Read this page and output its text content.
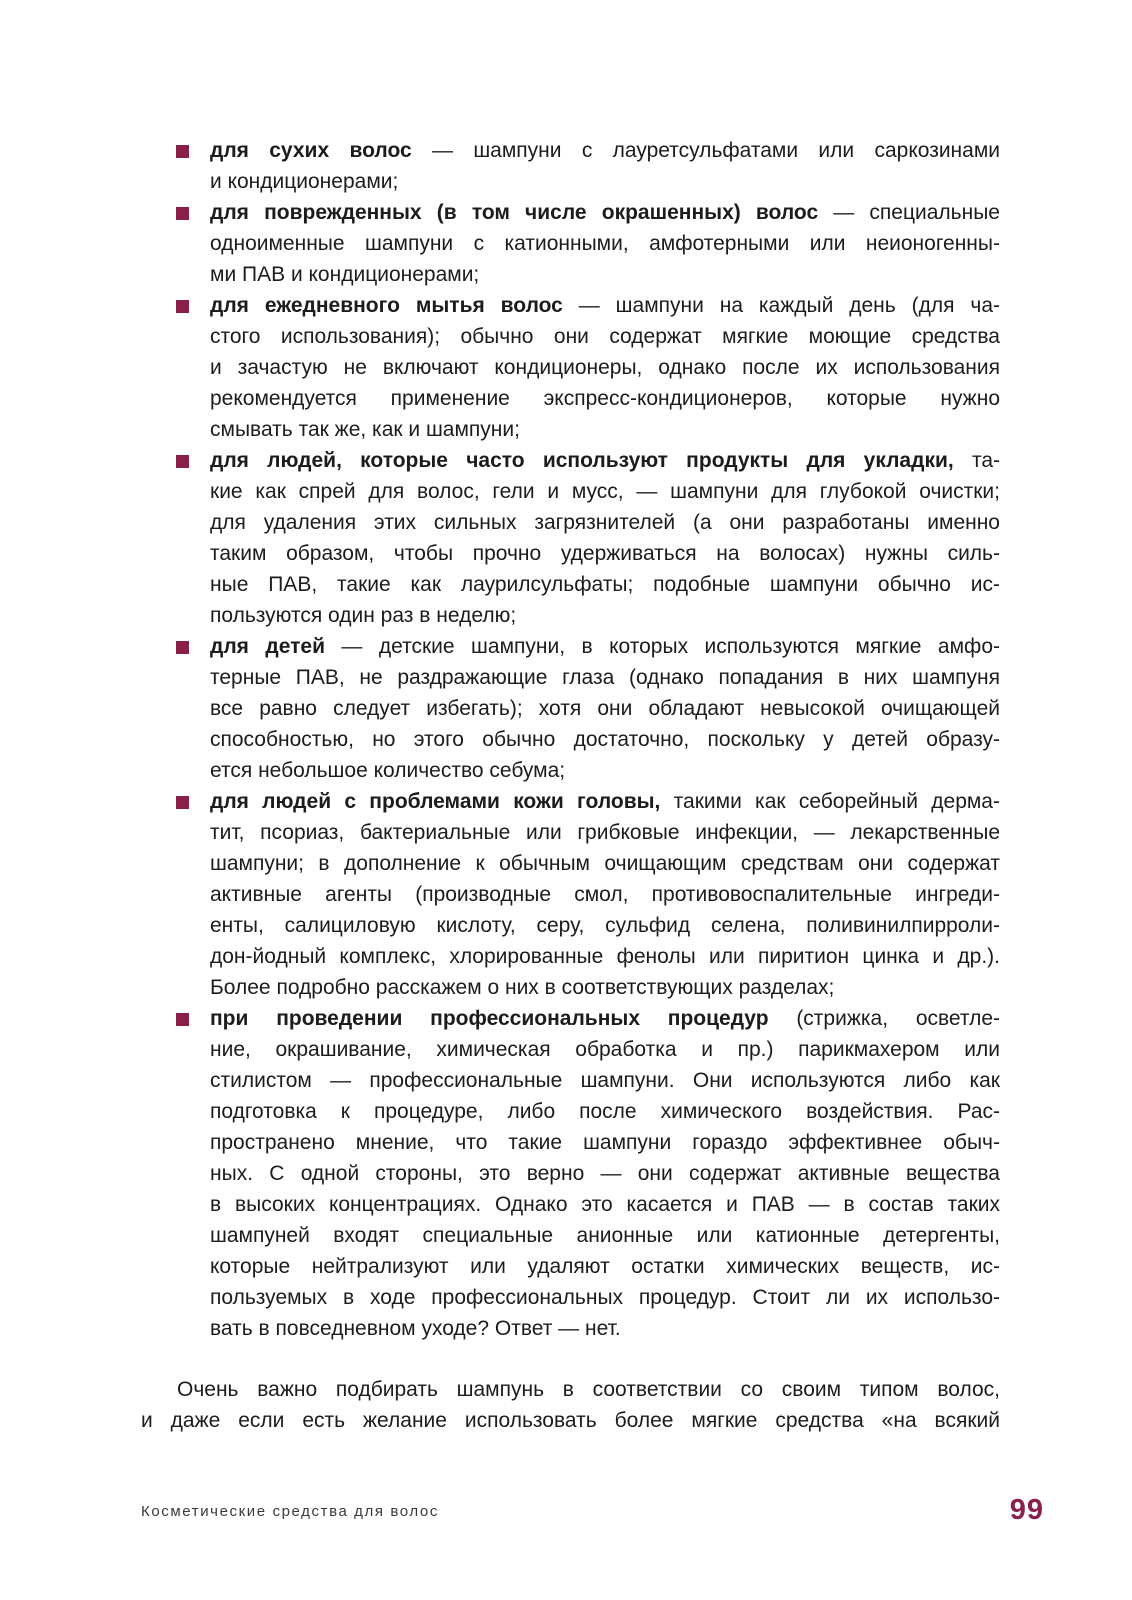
для сухих волос — шампуни с лауретсульфатами или саркозинами
и кондиционерами;
для поврежденных (в том числе окрашенных) волос — специальные
одноименные шампуни с катионными, амфотерными или неионогенны-
ми ПАВ и кондиционерами;
для ежедневного мытья волос — шампуни на каждый день (для ча-
стого использования); обычно они содержат мягкие моющие средства
и зачастую не включают кондиционеры, однако после их использования
рекомендуется применение экспресс-кондиционеров, которые нужно
смывать так же, как и шампуни;
для людей, которые часто используют продукты для укладки, та-
кие как спрей для волос, гели и мусс, — шампуни для глубокой очистки;
для удаления этих сильных загрязнителей (а они разработаны именно
таким образом, чтобы прочно удерживаться на волосах) нужны силь-
ные ПАВ, такие как лаурилсульфаты; подобные шампуни обычно ис-
пользуются один раз в неделю;
для детей — детские шампуни, в которых используются мягкие амфо-
терные ПАВ, не раздражающие глаза (однако попадания в них шампуня
все равно следует избегать); хотя они обладают невысокой очищающей
способностью, но этого обычно достаточно, поскольку у детей образу-
ется небольшое количество себума;
для людей с проблемами кожи головы, такими как себорейный дерма-
тит, псориаз, бактериальные или грибковые инфекции, — лекарственные
шампуни; в дополнение к обычным очищающим средствам они содержат
активные агенты (производные смол, противовоспалительные ингреди-
енты, салициловую кислоту, серу, сульфид селена, поливинилпирроли-
дон-йодный комплекс, хлорированные фенолы или пиритион цинка и др.).
Более подробно расскажем о них в соответствующих разделах;
при проведении профессиональных процедур (стрижка, осветле-
ние, окрашивание, химическая обработка и пр.) парикмахером или
стилистом — профессиональные шампуни. Они используются либо как
подготовка к процедуре, либо после химического воздействия. Рас-
пространено мнение, что такие шампуни гораздо эффективнее обыч-
ных. С одной стороны, это верно — они содержат активные вещества
в высоких концентрациях. Однако это касается и ПАВ — в состав таких
шампуней входят специальные анионные или катионные детергенты,
которые нейтрализуют или удаляют остатки химических веществ, ис-
пользуемых в ходе профессиональных процедур. Стоит ли их использо-
вать в повседневном уходе? Ответ — нет.
Очень важно подбирать шампунь в соответствии со своим типом волос,
и даже если есть желание использовать более мягкие средства «на всякий

Косметические средства для волос	99
